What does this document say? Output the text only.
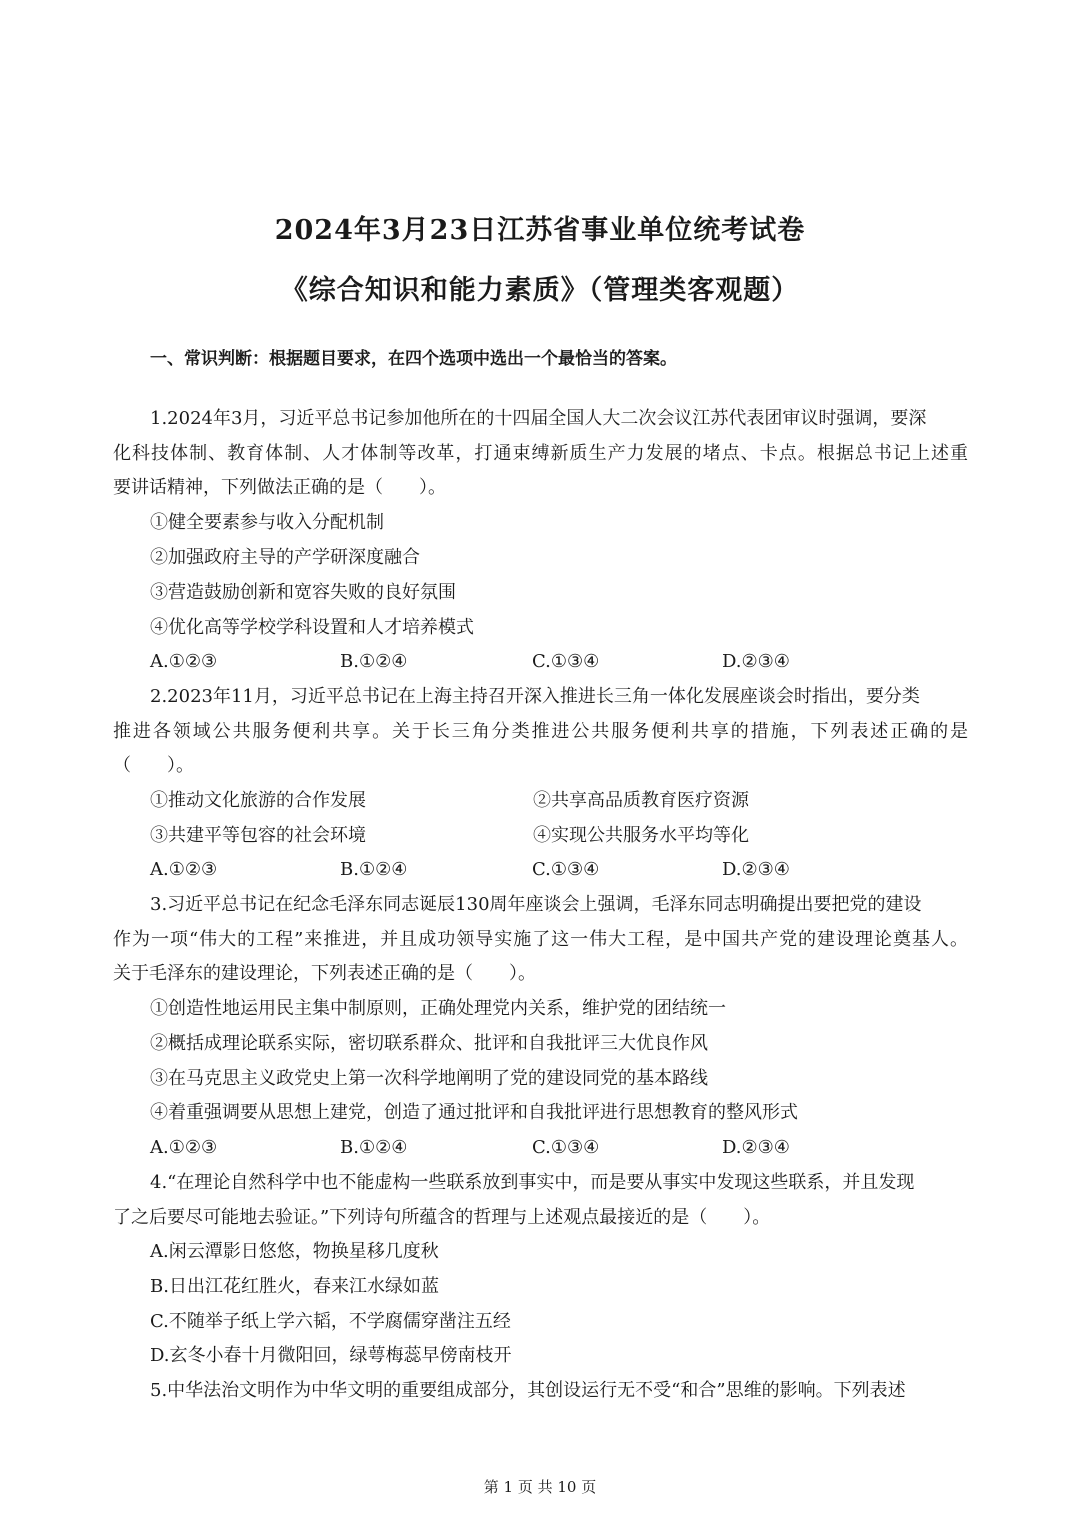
2024年3月23日江苏省事业单位统考试卷
《综合知识和能力素质》（管理类客观题）
一、常识判断：根据题目要求，在四个选项中选出一个最恰当的答案。
1.2024年3月，习近平总书记参加他所在的十四届全国人大二次会议江苏代表团审议时强调，要深
化科技体制、教育体制、人才体制等改革，打通束缚新质生产力发展的堵点、卡点。根据总书记上述重
要讲话精神，下列做法正确的是（　　）。
①健全要素参与收入分配机制
②加强政府主导的产学研深度融合
③营造鼓励创新和宽容失败的良好氛围
④优化高等学校学科设置和人才培养模式
A.①②③	B.①②④	C.①③④	D.②③④
2.2023年11月，习近平总书记在上海主持召开深入推进长三角一体化发展座谈会时指出，要分类
推进各领域公共服务便利共享。关于长三角分类推进公共服务便利共享的措施，下列表述正确的是
（　　）。
①推动文化旅游的合作发展	②共享高品质教育医疗资源
③共建平等包容的社会环境	④实现公共服务水平均等化
A.①②③	B.①②④	C.①③④	D.②③④
3.习近平总书记在纪念毛泽东同志诞辰130周年座谈会上强调，毛泽东同志明确提出要把党的建设
作为一项“伟大的工程”来推进，并且成功领导实施了这一伟大工程，是中国共产党的建设理论奠基人。
关于毛泽东的建设理论，下列表述正确的是（　　）。
①创造性地运用民主集中制原则，正确处理党内关系，维护党的团结统一
②概括成理论联系实际，密切联系群众、批评和自我批评三大优良作风
③在马克思主义政党史上第一次科学地阐明了党的建设同党的基本路线
④着重强调要从思想上建党，创造了通过批评和自我批评进行思想教育的整风形式
A.①②③	B.①②④	C.①③④	D.②③④
4.“在理论自然科学中也不能虚构一些联系放到事实中，而是要从事实中发现这些联系，并且发现
了之后要尽可能地去验证。”下列诗句所蕴含的哲理与上述观点最接近的是（　　）。
A.闲云潭影日悠悠，物换星移几度秋
B.日出江花红胜火，春来江水绿如蓝
C.不随举子纸上学六韬，不学腐儒穿凿注五经
D.玄冬小春十月微阳回，绿萼梅蕊早傍南枝开
5.中华法治文明作为中华文明的重要组成部分，其创设运行无不受“和合”思维的影响。下列表述
第 1 页 共 10 页
